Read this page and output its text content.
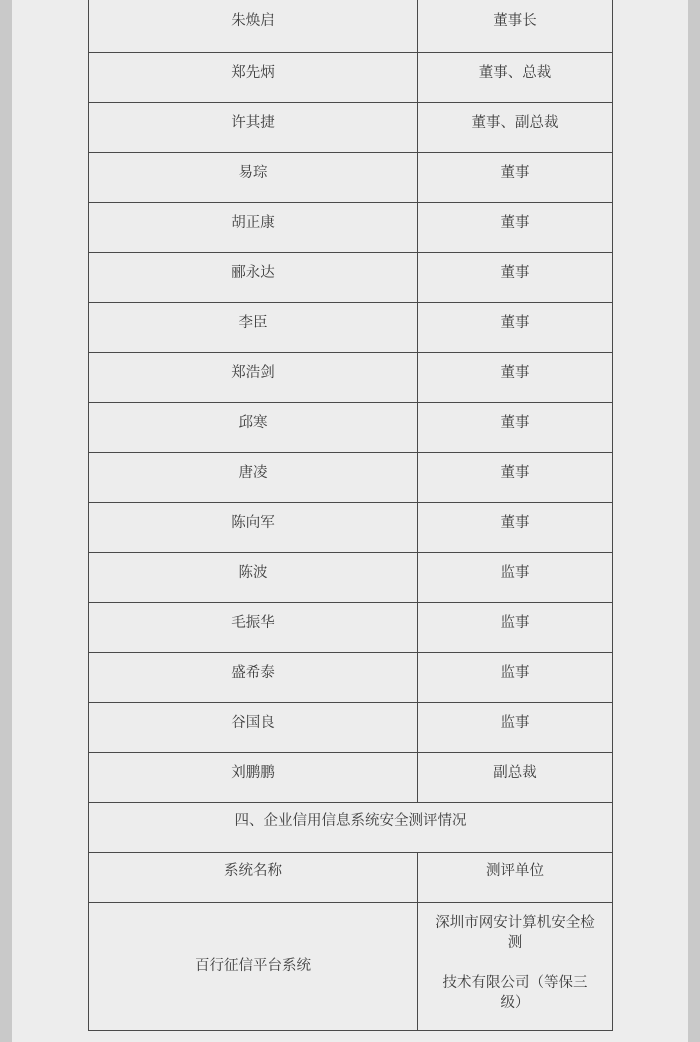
朱焕启	董事长
郑先炳	董事、总裁
许其捷	董事、副总裁
易琮	董事
胡正康	董事
郦永达	董事
李臣	董事
郑浩剑	董事
邱寒	董事
唐凌	董事
陈向军	董事
陈波	监事
毛振华	监事
盛希泰	监事
谷国良	监事
刘鹏鹏	副总裁
四、企业信用信息系统安全测评情况	
系统名称	测评单位
百行征信平台系统	深圳市网安计算机安全检
测
技术有限公司（等保三
级）
